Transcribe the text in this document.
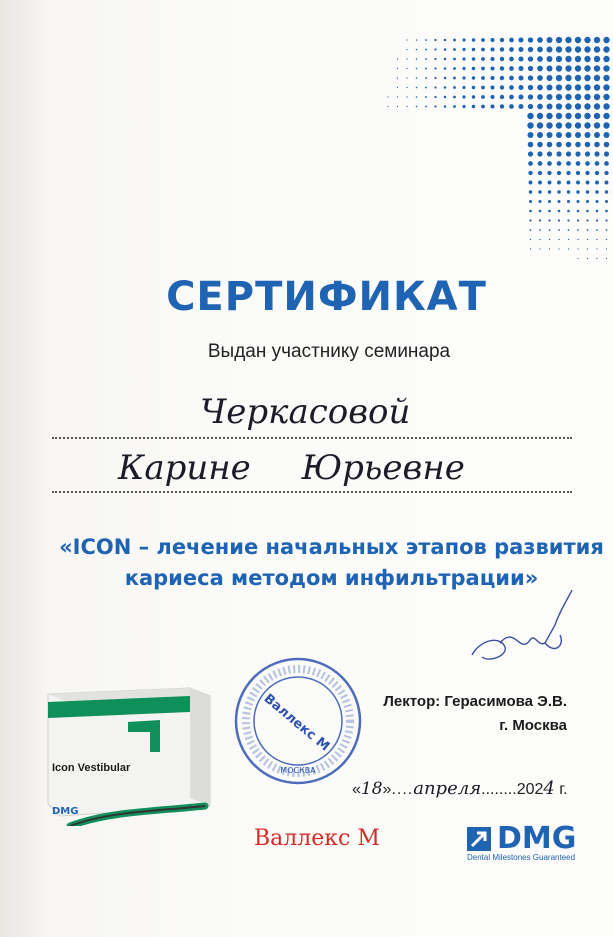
СЕРТИФИКАТ
Выдан участнику семинара
Черкасовой
Карине Юрьевне
«ICON – лечение начальных этапов развития
кариеса методом инфильтрации»
Лектор: Герасимова Э.В.
г. Москва
Валлекс М
МОСКВА
«18»....апреля........2024 г.
Icon Vestibular
DMG
Валлекс М	DMG
Dental Milestones Guaranteed
